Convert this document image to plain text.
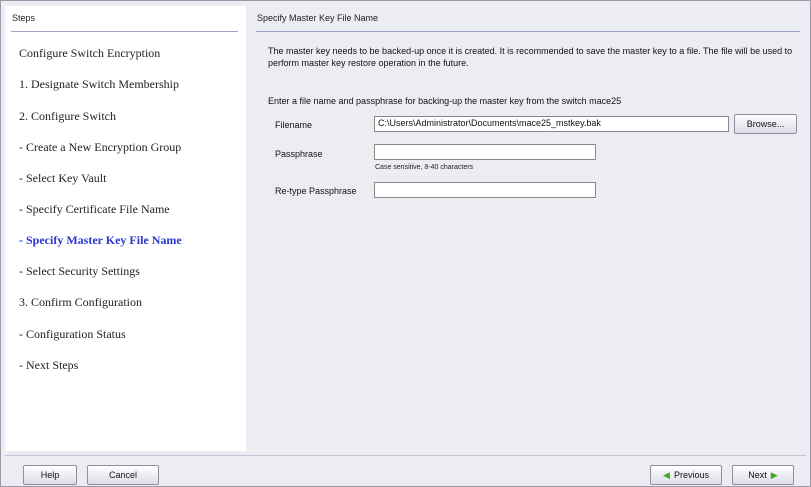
Steps
Configure Switch Encryption
1. Designate Switch Membership
2. Configure Switch
- Create a New Encryption Group
- Select Key Vault
- Specify Certificate File Name
- Specify Master Key File Name
- Select Security Settings
3. Confirm Configuration
- Configuration Status
- Next Steps
Specify Master Key File Name
The master key needs to be backed-up once it is created. It is recommended to save the master key to a file. The file will be used to perform master key restore operation in the future.
Enter a file name and passphrase for backing-up the master key from the switch mace25
Filename	C:\Users\Administrator\Documents\mace25_mstkey.bak	Browse...
Passphrase
Case sensitive, 8-40 characters
Re-type Passphrase
Help	Cancel	◀ Previous	Next ▶
